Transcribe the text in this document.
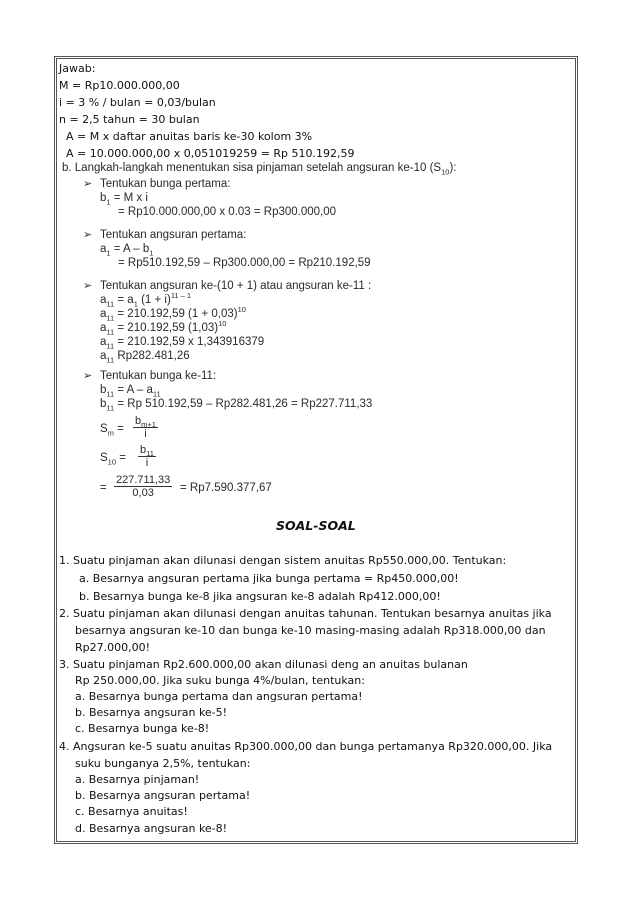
Jawab:
M = Rp10.000.000,00
i = 3 % / bulan = 0,03/bulan
n = 2,5 tahun = 30 bulan
A = M x daftar anuitas baris ke-30 kolom 3%
A = 10.000.000,00 x 0,051019259 = Rp 510.192,59
b. Langkah-langkah menentukan sisa pinjaman setelah angsuran ke-10 $(S_{10})$:
➢ Tentukan bunga pertama:
$b_1 = M$ x i
= Rp10.000.000,00 x 0.03 = Rp300.000,00
➢ Tentukan angsuran pertama:
$a_1 = A - b_1$
= Rp510.192,59 – Rp300.000,00 = Rp210.192,59
➢ Tentukan angsuran ke-(10 + 1) atau angsuran ke-11 :
$a_{11} = a_1$ $(1 + i)^{11 - 1}$
$a_{11} = 210.192,59$ $(1 + 0,03)^{10}$
$a_{11} = 210.192,59$ $(1,03)^{10}$
$a_{11} = 210.192,59$ x 1,343916379
$a_{11}$ Rp282.481,26
➢ Tentukan bunga ke-11:
$b_{11} = A - a_{11}$
$b_{11} = Rp$ 510.192,59 – Rp282.481,26 = Rp227.711,33
$S_m = \frac{b_{m+1}}{i}$
$S_{10} = \frac{b_{11}}{i}$
= $\frac{227.711,33}{0,03} = Rp7.590.377,67$
SOAL-SOAL
1. Suatu pinjaman akan dilunasi dengan sistem anuitas Rp550.000,00. Tentukan:
a. Besarnya angsuran pertama jika bunga pertama = Rp450.000,00!
b. Besarnya bunga ke-8 jika angsuran ke-8 adalah Rp412.000,00!
2. Suatu pinjaman akan dilunasi dengan anuitas tahunan. Tentukan besarnya anuitas jika
besarnya angsuran ke-10 dan bunga ke-10 masing-masing adalah Rp318.000,00 dan
Rp27.000,00!
3. Suatu pinjaman Rp2.600.000,00 akan dilunasi deng an anuitas bulanan
Rp 250.000,00. Jika suku bunga 4%/bulan, tentukan:
a. Besarnya bunga pertama dan angsuran pertama!
b. Besarnya angsuran ke-5!
c. Besarnya bunga ke-8!
4. Angsuran ke-5 suatu anuitas Rp300.000,00 dan bunga pertamanya Rp320.000,00. Jika
suku bunganya 2,5%, tentukan:
a. Besarnya pinjaman!
b. Besarnya angsuran pertama!
c. Besarnya anuitas!
d. Besarnya angsuran ke-8!
